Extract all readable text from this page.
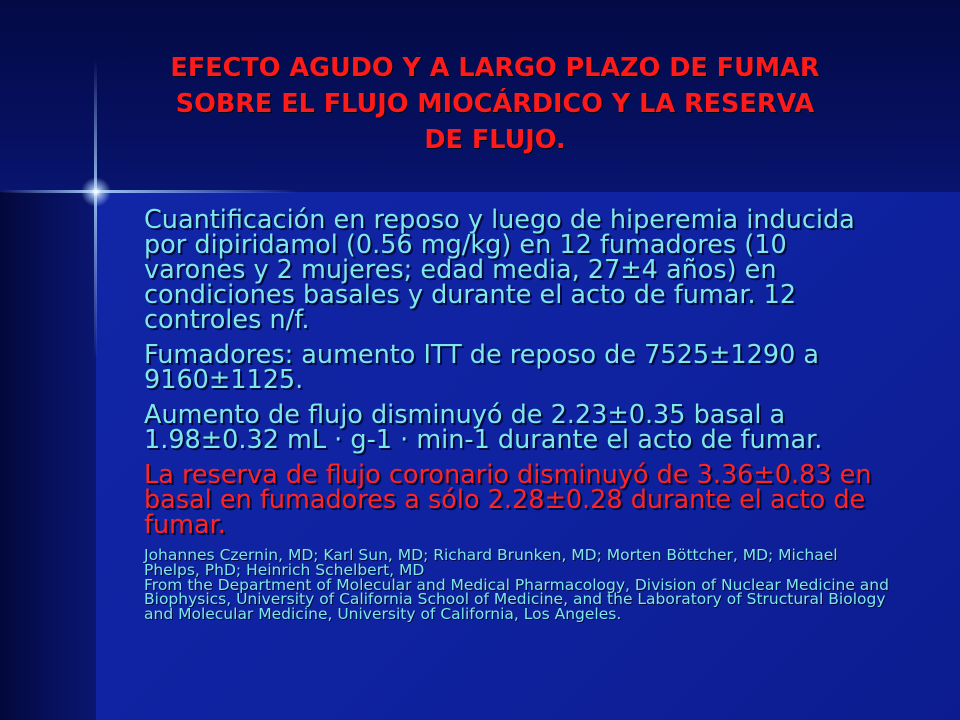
EFECTO AGUDO Y A LARGO PLAZO DE FUMAR
SOBRE EL FLUJO MIOCÁRDICO Y LA RESERVA
DE FLUJO.
Cuantificación en reposo y luego de hiperemia inducida
por dipiridamol (0.56 mg/kg) en 12 fumadores (10
varones y 2 mujeres; edad media, 27±4 años) en
condiciones basales y durante el acto de fumar. 12
controles n/f.
Fumadores: aumento ITT de reposo de 7525±1290 a
9160±1125.
Aumento de flujo disminuyó de 2.23±0.35 basal a
1.98±0.32 mL · g-1 · min-1 durante el acto de fumar.
La reserva de flujo coronario disminuyó de 3.36±0.83 en
basal en fumadores a sólo 2.28±0.28 durante el acto de
fumar.
Johannes Czernin, MD; Karl Sun, MD; Richard Brunken, MD; Morten Böttcher, MD; Michael
Phelps, PhD; Heinrich Schelbert, MD
From the Department of Molecular and Medical Pharmacology, Division of Nuclear Medicine and
Biophysics, University of California School of Medicine, and the Laboratory of Structural Biology
and Molecular Medicine, University of California, Los Angeles.
